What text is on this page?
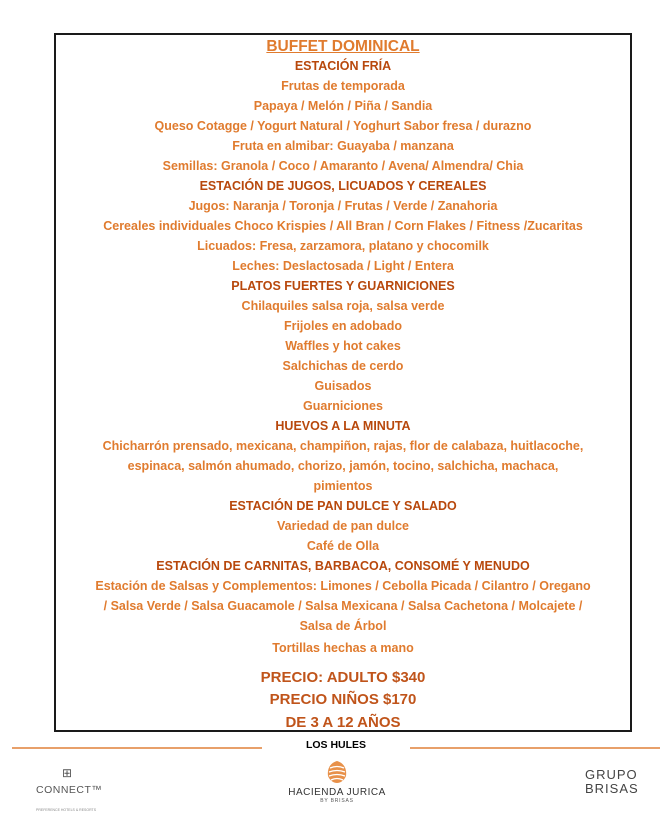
BUFFET DOMINICAL
ESTACIÓN FRÍA
Frutas de temporada
Papaya / Melón / Piña / Sandia
Queso Cotagge / Yogurt Natural / Yoghurt Sabor fresa / durazno
Fruta en almibar: Guayaba / manzana
Semillas: Granola / Coco / Amaranto / Avena/ Almendra/ Chia
ESTACIÓN DE JUGOS, LICUADOS Y CEREALES
Jugos: Naranja / Toronja / Frutas / Verde / Zanahoria
Cereales individuales Choco Krispies / All Bran / Corn Flakes / Fitness /Zucaritas
Licuados: Fresa, zarzamora, platano y chocomilk
Leches: Deslactosada / Light / Entera
PLATOS FUERTES Y GUARNICIONES
Chilaquiles salsa roja, salsa verde
Frijoles en adobado
Waffles y hot cakes
Salchichas de cerdo
Guisados
Guarniciones
HUEVOS A LA MINUTA
Chicharrón prensado, mexicana, champiñon, rajas, flor de calabaza, huitlacoche,
espinaca, salmón ahumado, chorizo, jamón, tocino, salchicha, machaca,
pimientos
ESTACIÓN DE PAN DULCE Y SALADO
Variedad de pan dulce
Café de Olla
ESTACIÓN DE CARNITAS, BARBACOA, CONSOMÉ Y MENUDO
Estación de Salsas y Complementos: Limones / Cebolla Picada / Cilantro / Oregano
/ Salsa Verde / Salsa Guacamole / Salsa Mexicana / Salsa Cachetona / Molcajete /
Salsa de Árbol
Tortillas hechas a mano
PRECIO: ADULTO $340
PRECIO NIÑOS $170
DE 3 A 12 AÑOS
LOS HULES
⊞
CONNECT™
PREFERENCE HOTELS & RESORTS
HACIENDA JURICA
BY BRISAS
GRUPO
BRISAS
